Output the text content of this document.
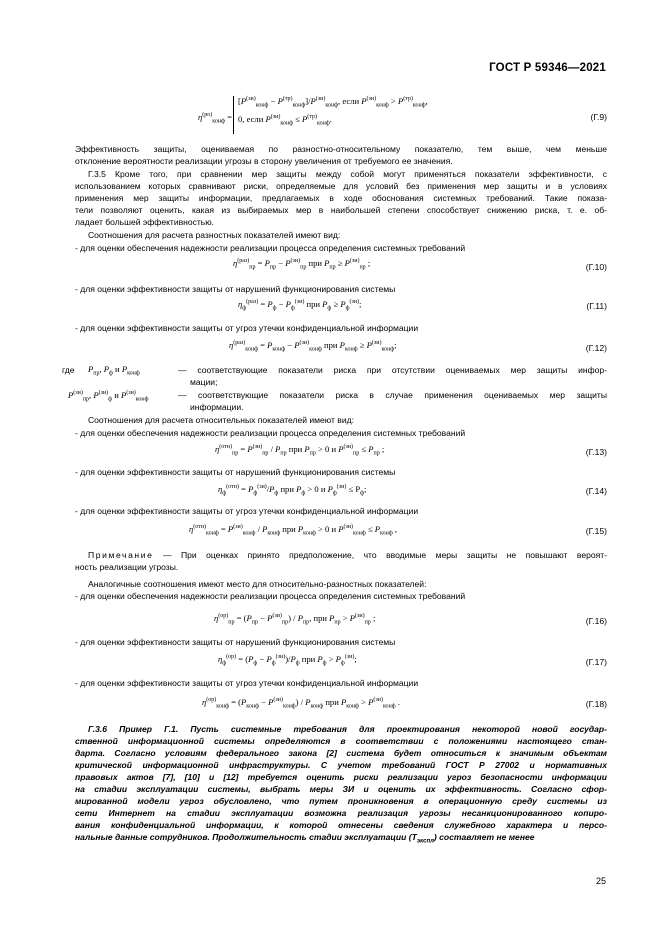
ГОСТ Р 59346—2021
$\eta^{(ро)}_{конф}$ =
$[P^{(зи)}_{конф} - P^{(тр)}_{конф}]/P^{(зи)}_{конф}$, если $P^{(зи)}_{конф} > P^{(тр)}_{конф}$,
0, если $P^{(зи)}_{конф} \le P^{(тр)}_{конф}$.	(Г.9)
Эффективность защиты, оцениваемая по разностно-относительному показателю, тем выше, чем меньше
отклонение вероятности реализации угрозы в сторону увеличения от требуемого ее значения.
Г.3.5 Кроме того, при сравнении мер защиты между собой могут применяться показатели эффективности, с
использованием которых сравнивают риски, определяемые для условий без применения мер защиты и в условиях
применения мер защиты информации, предлагаемых в ходе обоснования системных требований. Такие показа-
тели позволяют оценить, какая из выбираемых мер в наибольшей степени способствует снижению риска, т. е. об-
ладает большей эффективностью.
Соотношения для расчета разностных показателей имеют вид:
- для оценки обеспечения надежности реализации процесса определения системных требований
$\eta^{(раз)}_{пр} = P_{пр} - P^{(зи)}_{пр}$ при $P_{пр} \ge P^{(зи)}_{пр}$ ;	(Г.10)
- для оценки эффективности защиты от нарушений функционирования системы
$\eta_ф^{(раз)} = P_ф - P_ф^{(зи)}$ при $P_ф \ge P_ф^{(зи)}$;	(Г.11)
- для оценки эффективности защиты от угроз утечки конфиденциальной информации
$\eta^{(раз)}_{конф} = P_{конф} - P^{(зи)}_{конф}$ при $P_{конф} \ge P^{(зи)}_{конф}$;	(Г.12)
где	$P_{пр}$, $P_ф$ и $P_{конф}$	— соответствующие показатели риска при отсутствии оцениваемых мер защиты инфор-
мации;
$P^{(зи)}_{пр}$, $P^{(зи)}_ф$ и $P^{(зи)}_{конф}$	— соответствующие показатели риска в случае применения оцениваемых мер защиты
информации.
Соотношения для расчета относительных показателей имеют вид:
- для оценки обеспечения надежности реализации процесса определения системных требований
$\eta^{(отн)}_{пр} = P^{(зи)}_{пр} / P_{пр}$ при $P_{пр} > 0$ и $P^{(зи)}_{пр} \le P_{пр}$ ;	(Г.13)
- для оценки эффективности защиты от нарушений функционирования системы
$\eta_ф^{(отн)} = P_ф^{(зи)}/P_ф$ при $P_ф > 0$ и $P_ф^{(зи)} \le P_ф$;	(Г.14)
- для оценки эффективности защиты от угроз утечки конфиденциальной информации
$\eta^{(отн)}_{конф} = P^{(зи)}_{конф} / P_{конф}$ при $P_{конф} > 0$ и $P^{(зи)}_{конф} \le P_{конф}$ ,	(Г.15)
Примечание — При оценках принято предположение, что вводимые меры защиты не повышают вероят-
ность реализации угрозы.
Аналогичные соотношения имеют место для относительно-разностных показателей:
- для оценки обеспечения надежности реализации процесса определения системных требований
$\eta^{(ор)}_{пр} = (P_{пр} - P^{(зи)}_{пр}) / P_{пр}$, при $P_{пр} > P^{(зи)}_{пр}$ ;	(Г.16)
- для оценки эффективности защиты от нарушений функционирования системы
$\eta_ф^{(ор)} = (P_ф - P_ф^{(зи)})/P_ф$ при $P_ф > P_ф^{(зи)}$;	(Г.17)
- для оценки эффективности защиты от угроз утечки конфиденциальной информации
$\eta^{(ор)}_{конф} = (P_{конф} - P^{(зи)}_{конф}) / P_{конф}$ при $P_{конф} > P^{(зи)}_{конф}$ .	(Г.18)
Г.3.6 Пример Г.1. Пусть системные требования для проектирования некоторой новой государ-
ственной информационной системы определяются в соответствии с положениями настоящего стан-
дарта. Согласно условиям федерального закона [2] система будет относиться к значимым объектам
критической информационной инфраструктуры. С учетом требований ГОСТ Р 27002 и нормативных
правовых актов [7], [10] и [12] требуется оценить риски реализации угроз безопасности информации
на стадии эксплуатации системы, выбрать меры ЗИ и оценить их эффективность. Согласно сфор-
мированной модели угроз обусловлено, что путем проникновения в операционную среду системы из
сети Интернет на стадии эксплуатации возможна реализация угрозы несанкционированного копиро-
вания конфиденциальной информации, к которой отнесены сведения служебного характера и персо-
нальные данные сотрудников. Продолжительность стадии эксплуатации $(T_{экспл})$ составляет не менее
25
